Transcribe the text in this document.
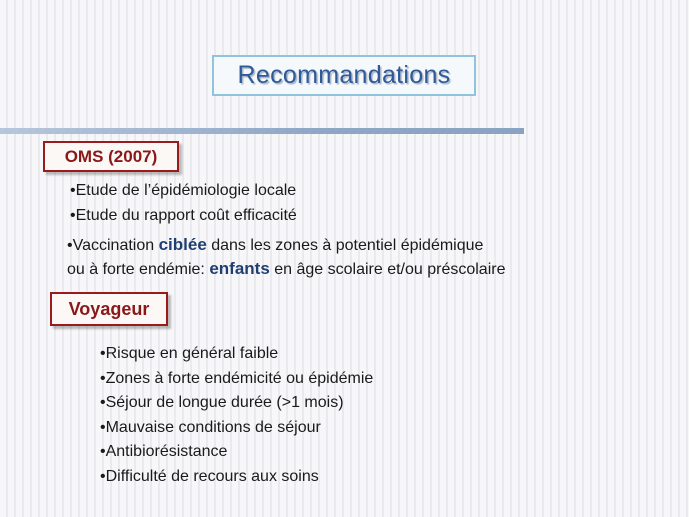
Recommandations
OMS (2007)
•Etude de l’épidémiologie locale
•Etude du rapport coût efficacité
•Vaccination ciblée dans les zones à potentiel épidémique
ou à forte endémie: enfants en âge scolaire et/ou préscolaire
Voyageur
•Risque en général faible
•Zones à forte endémicité ou épidémie
•Séjour de longue durée (>1 mois)
•Mauvaise conditions de séjour
•Antibiorésistance
•Difficulté de recours aux soins
